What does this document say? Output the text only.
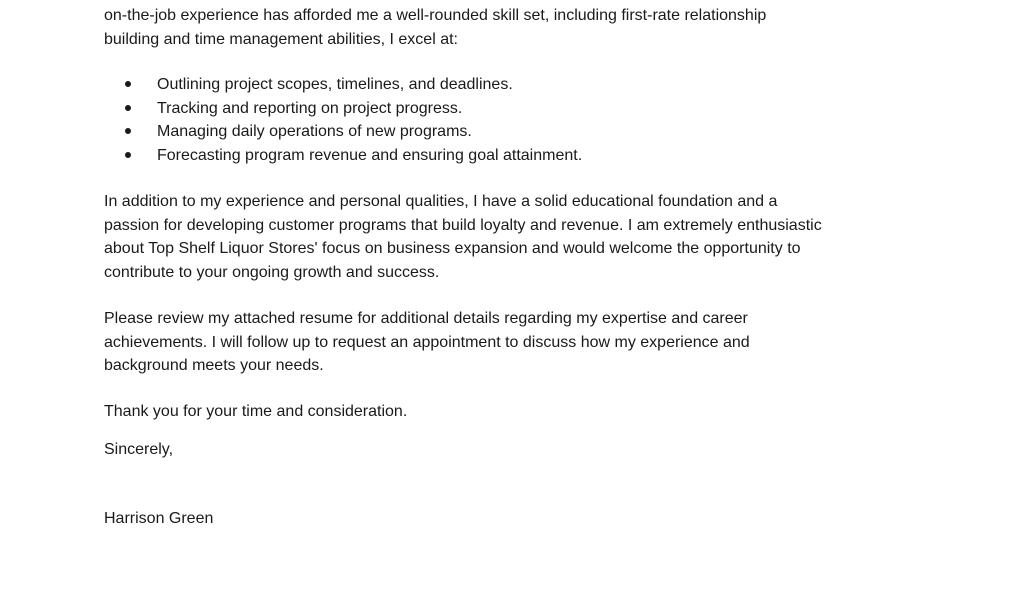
on-the-job experience has afforded me a well-rounded skill set, including first-rate relationship
building and time management abilities, I excel at:

Outlining project scopes, timelines, and deadlines.
Tracking and reporting on project progress.
Managing daily operations of new programs.
Forecasting program revenue and ensuring goal attainment.

In addition to my experience and personal qualities, I have a solid educational foundation and a
passion for developing customer programs that build loyalty and revenue. I am extremely enthusiastic
about Top Shelf Liquor Stores' focus on business expansion and would welcome the opportunity to
contribute to your ongoing growth and success.

Please review my attached resume for additional details regarding my expertise and career
achievements. I will follow up to request an appointment to discuss how my experience and
background meets your needs.

Thank you for your time and consideration.

Sincerely,

Harrison Green
